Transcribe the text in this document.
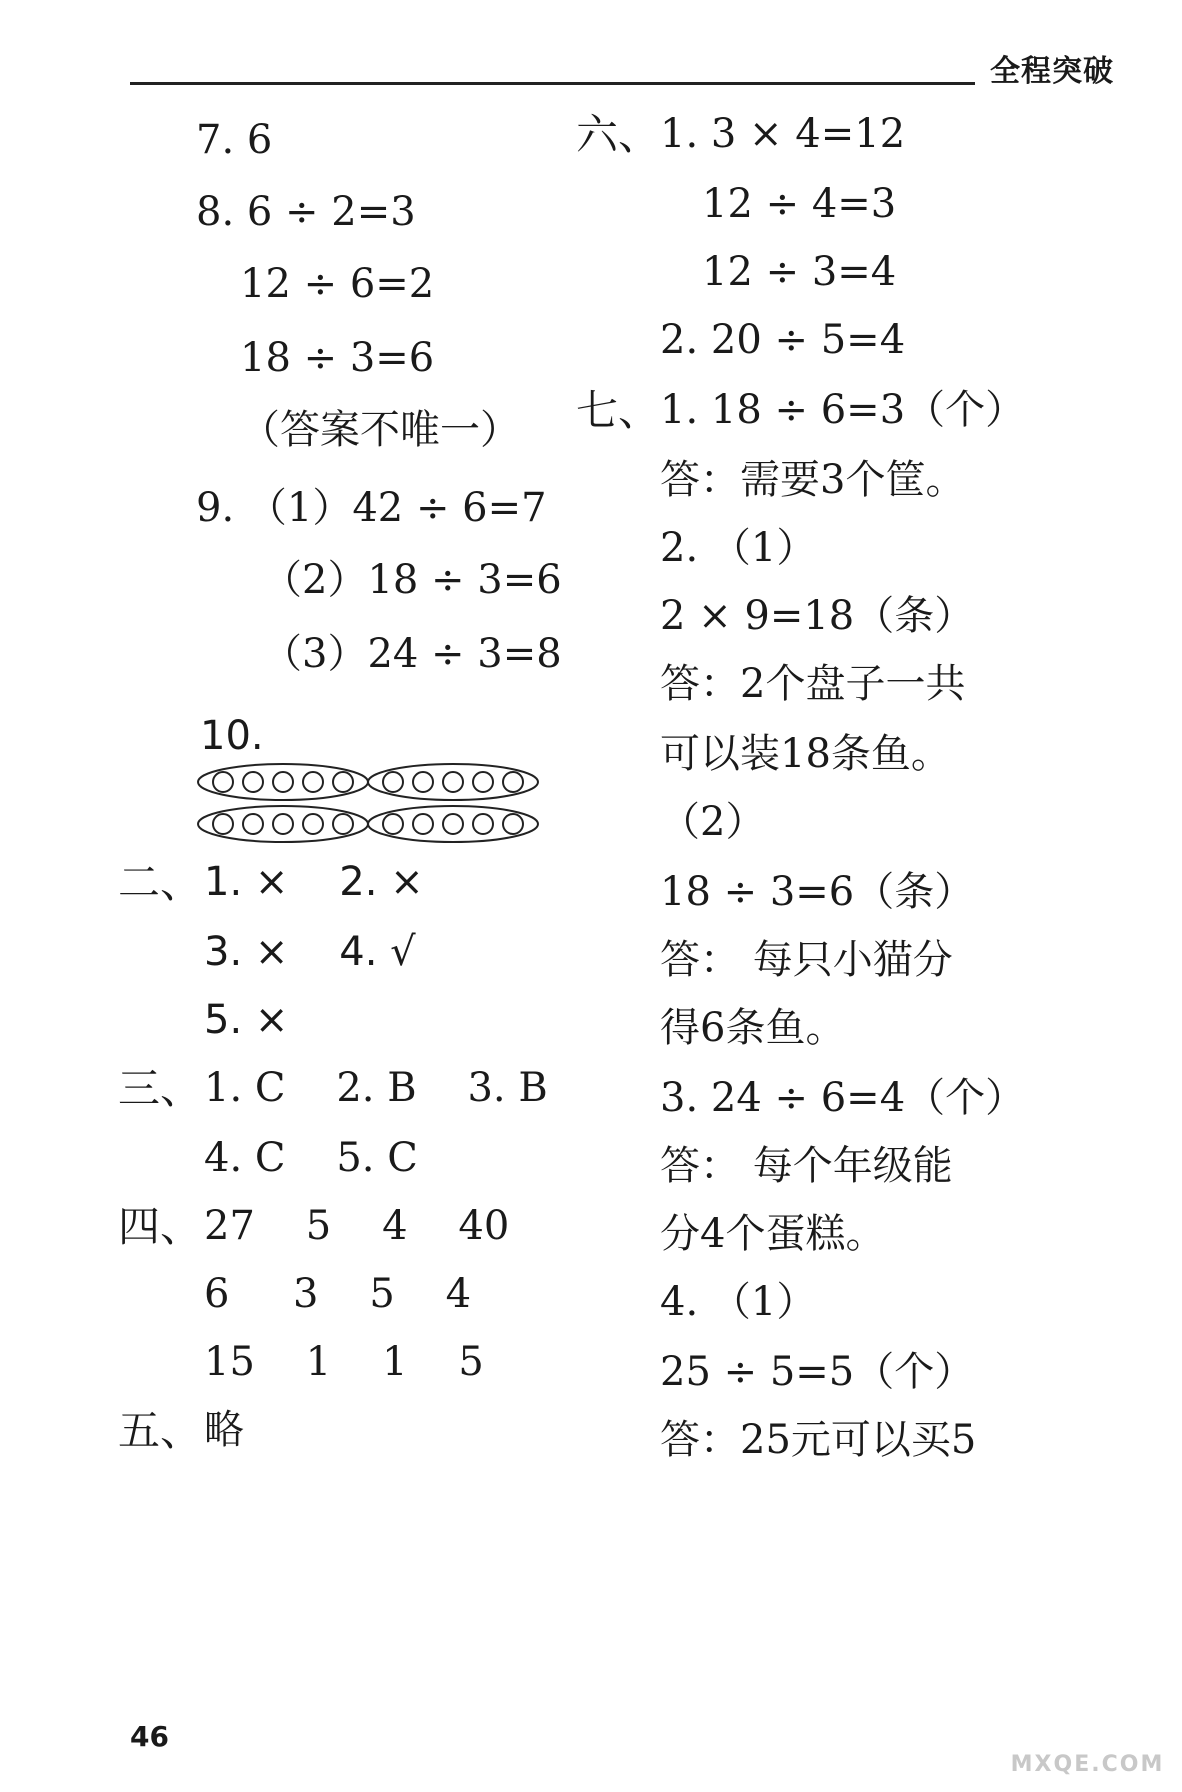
全程突破
7. 6
8. 6 ÷ 2=3
12 ÷ 6=2
18 ÷ 3=6
（答案不唯一）
9. （1）42 ÷ 6=7
（2）18 ÷ 3=6
（3）24 ÷ 3=8
10.
二、 1. ×    2. ×
3. ×    4. √
5. ×
三、 1. C    2. B    3. B
4. C    5. C
四、 27    5    4    40
6     3    5    4
15    1    1    5
五、 略
六、 1. 3 × 4=12
12 ÷ 4=3
12 ÷ 3=4
2. 20 ÷ 5=4
七、 1. 18 ÷ 6=3（个）
答：需要3个筐。
2. （1）
2 × 9=18（条）
答：2个盘子一共
可以装18条鱼。
（2）
18 ÷ 3=6（条）
答： 每只小猫分
得6条鱼。
3. 24 ÷ 6=4（个）
答： 每个年级能
分4个蛋糕。
4. （1）
25 ÷ 5=5（个）
答：25元可以买5
46
MXQE.COM
